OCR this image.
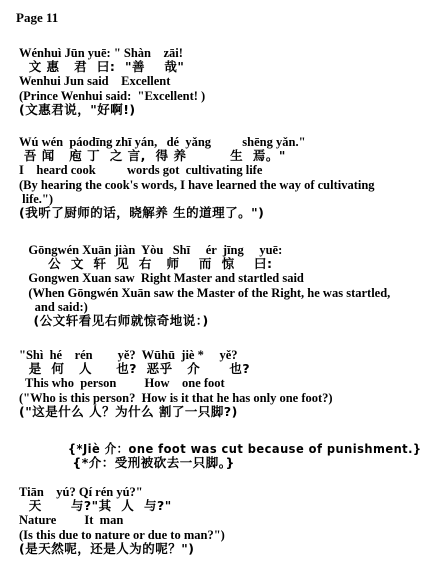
Page 11
Wénhuì Jūn yuē: " Shàn    zāi!
文 惠   君  曰:  "善    哉"
Wenhui Jun said    Excellent
(Prince Wenhui said:  "Excellent! )
(文惠君说，"好啊!)
Wú wén  páodīng zhī yán,   dé  yǎng          shēng yǎn."
吾 闻   庖 丁  之 言,  得 养         生  焉。"
I    heard cook          words got  cultivating life
(By hearing the cook's words, I have learned the way of cultivating
life.")
(我听了厨师的话，晓解养 生的道理了。")
Gōngwén Xuān jiàn  Yòu   Shī     ér  jīng     yuē:
公  文  轩  见  右   师    而  惊    曰:
Gongwen Xuan saw  Right Master and startled said
(When Gōngwén Xuān saw the Master of the Right, he was startled,
and said:)
(公文轩看见右师就惊奇地说：)
"Shì  hé    rén        yě?  Wūhū  jiè *     yě?
是  何   人     也?  恶乎   介      也?
This who  person         How    one foot
("Who is this person?  How is it that he has only one foot?)
("这是什么 人？为什么 割了一只脚?)
{*Jiè 介：one foot was cut because of punishment.}
{*介：受刑被砍去一只脚。}
Tiān    yú? Qí rén yú?"
天      与?"其  人  与?"
Nature         It  man
(Is this due to nature or due to man?")
(是天然呢，还是人为的呢？")
